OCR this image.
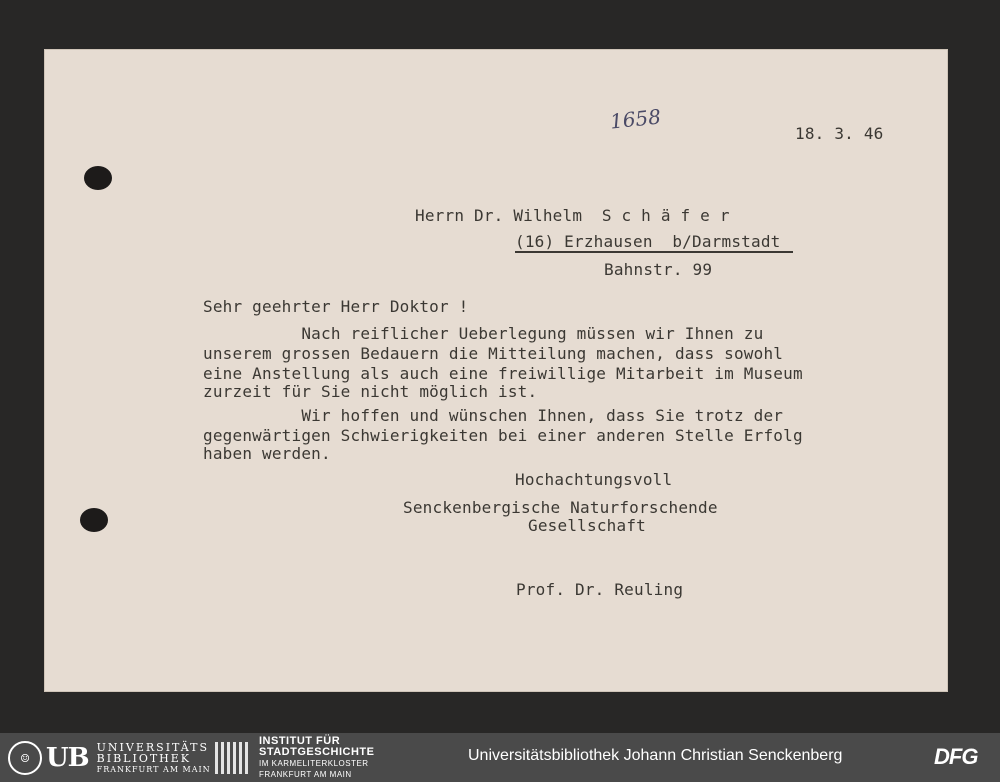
1658	18. 3. 46
Herrn Dr. Wilhelm  S c h ä f e r
(16) Erzhausen  b/Darmstadt
Bahnstr. 99
Sehr geehrter Herr Doktor !
Nach reiflicher Ueberlegung müssen wir Ihnen zu
unserem grossen Bedauern die Mitteilung machen, dass sowohl
eine Anstellung als auch eine freiwillige Mitarbeit im Museum
zurzeit für Sie nicht möglich ist.
Wir hoffen und wünschen Ihnen, dass Sie trotz der
gegenwärtigen Schwierigkeiten bei einer anderen Stelle Erfolg
haben werden.
Hochachtungsvoll
Senckenbergische Naturforschende
Gesellschaft
Prof. Dr. Reuling
☺ UB UNIVERSITÄTS
BIBLIOTHEK
FRANKFURT AM MAIN
INSTITUT FÜR
STADTGESCHICHTE
IM KARMELITERKLOSTER
FRANKFURT AM MAIN
Universitätsbibliothek Johann Christian Senckenberg	DFG
